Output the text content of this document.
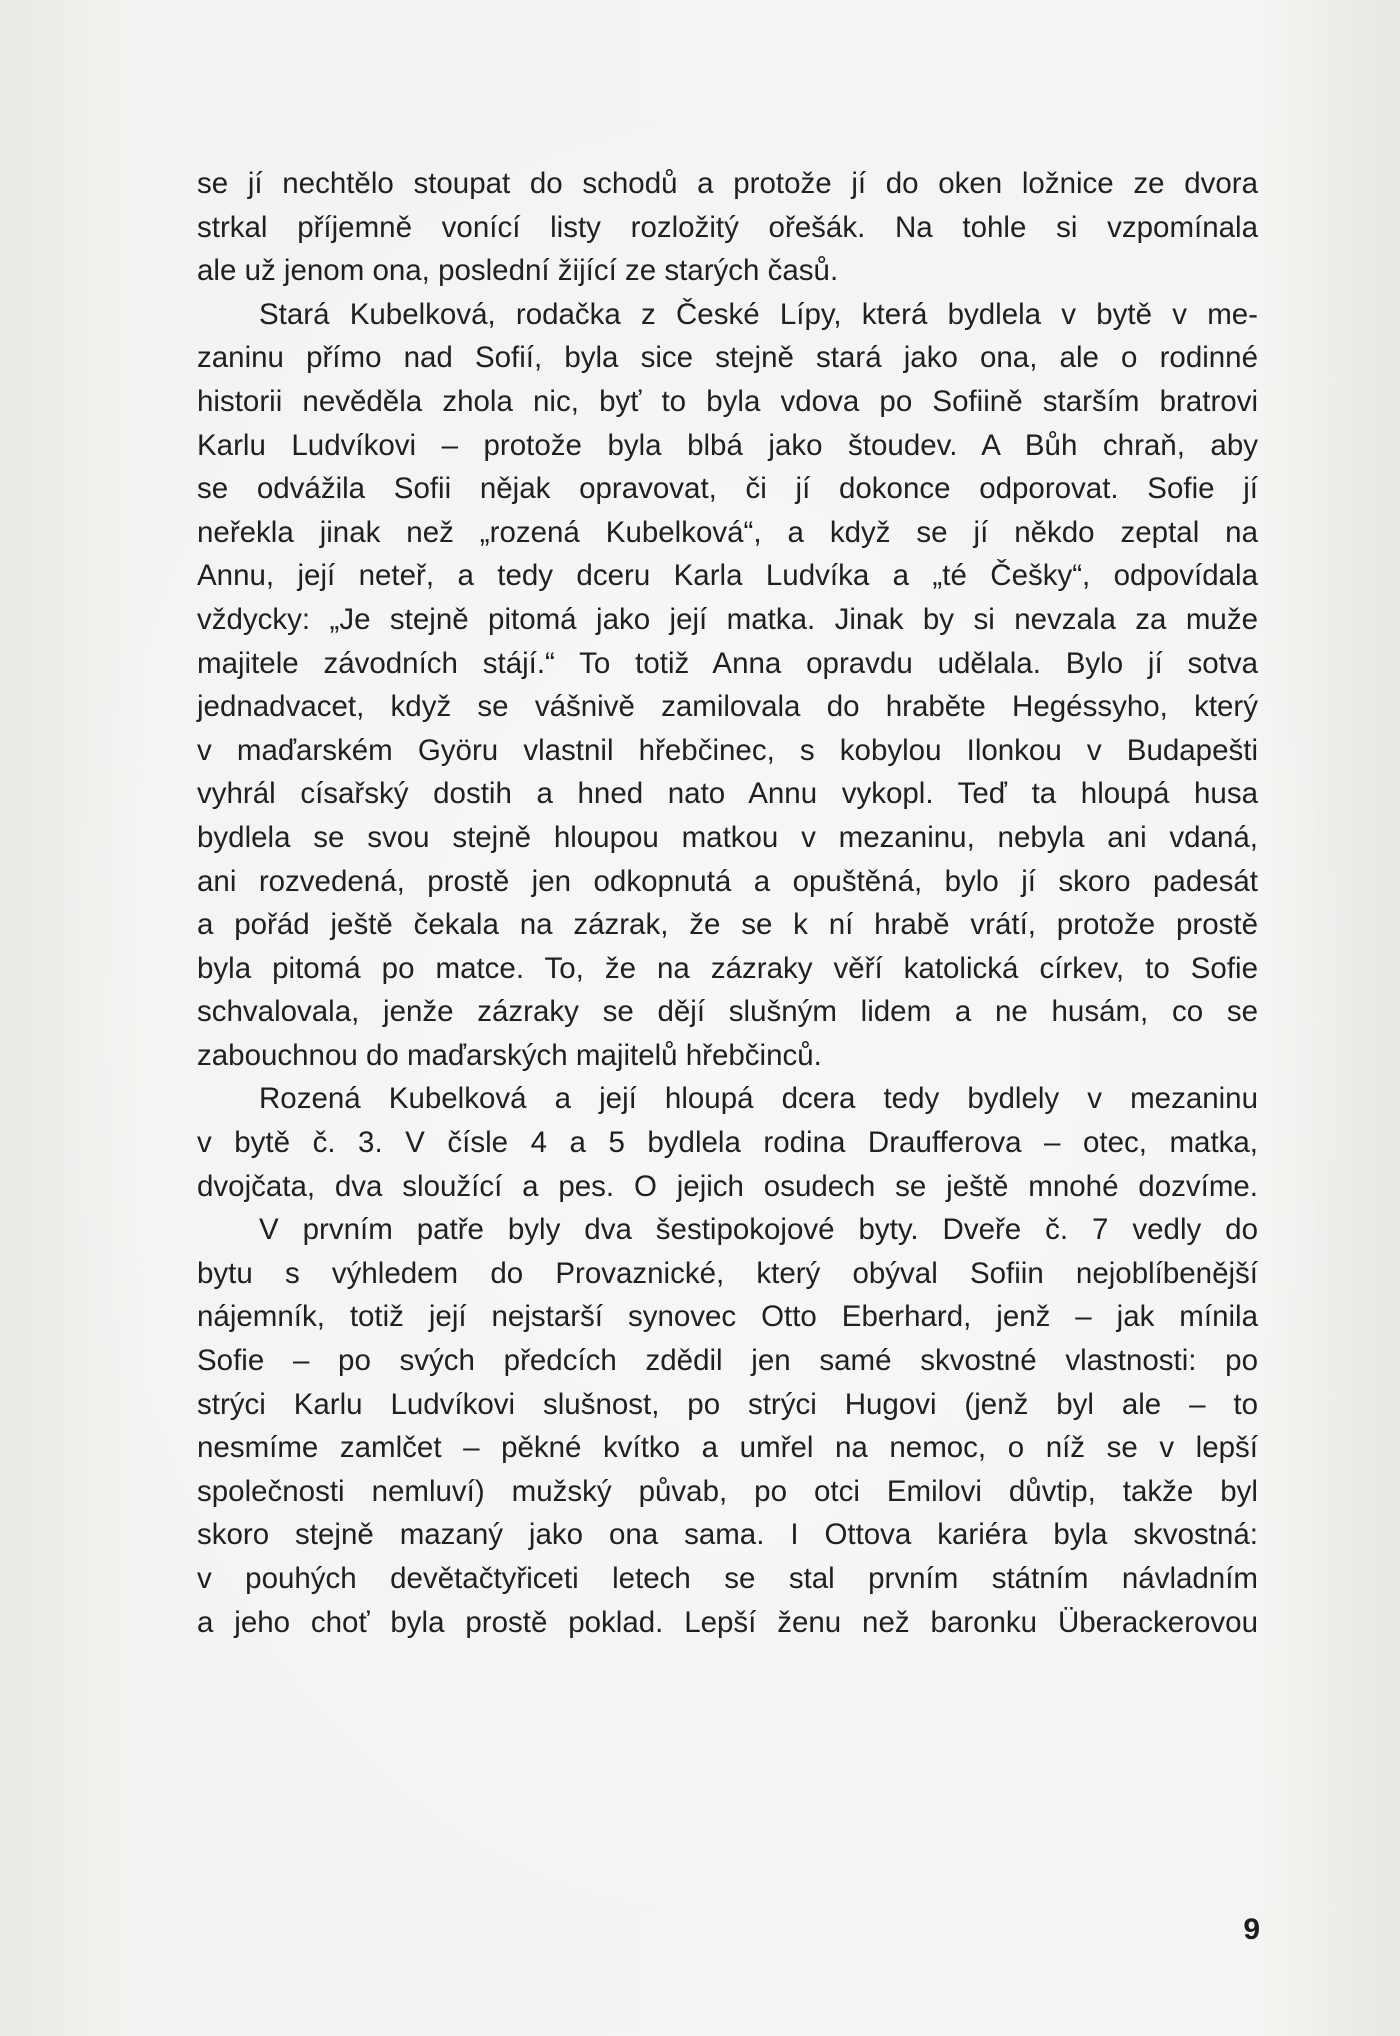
se jí nechtělo stoupat do schodů a protože jí do oken ložnice ze dvora
strkal příjemně vonící listy rozložitý ořešák. Na tohle si vzpomínala
ale už jenom ona, poslední žijící ze starých časů.
Stará Kubelková, rodačka z České Lípy, která bydlela v bytě v me-
zaninu přímo nad Sofií, byla sice stejně stará jako ona, ale o rodinné
historii nevěděla zhola nic, byť to byla vdova po Sofiině starším bratrovi
Karlu Ludvíkovi – protože byla blbá jako štoudev. A Bůh chraň, aby
se odvážila Sofii nějak opravovat, či jí dokonce odporovat. Sofie jí
neřekla jinak než „rozená Kubelková“, a když se jí někdo zeptal na
Annu, její neteř, a tedy dceru Karla Ludvíka a „té Češky“, odpovídala
vždycky: „Je stejně pitomá jako její matka. Jinak by si nevzala za muže
majitele závodních stájí.“ To totiž Anna opravdu udělala. Bylo jí sotva
jednadvacet, když se vášnivě zamilovala do hraběte Hegéssyho, který
v maďarském Györu vlastnil hřebčinec, s kobylou Ilonkou v Budapešti
vyhrál císařský dostih a hned nato Annu vykopl. Teď ta hloupá husa
bydlela se svou stejně hloupou matkou v mezaninu, nebyla ani vdaná,
ani rozvedená, prostě jen odkopnutá a opuštěná, bylo jí skoro padesát
a pořád ještě čekala na zázrak, že se k ní hrabě vrátí, protože prostě
byla pitomá po matce. To, že na zázraky věří katolická církev, to Sofie
schvalovala, jenže zázraky se dějí slušným lidem a ne husám, co se
zabouchnou do maďarských majitelů hřebčinců.
Rozená Kubelková a její hloupá dcera tedy bydlely v mezaninu
v bytě č. 3. V čísle 4 a 5 bydlela rodina Draufferova – otec, matka,
dvojčata, dva sloužící a pes. O jejich osudech se ještě mnohé dozvíme.
V prvním patře byly dva šestipokojové byty. Dveře č. 7 vedly do
bytu s výhledem do Provaznické, který obýval Sofiin nejoblíbenější
nájemník, totiž její nejstarší synovec Otto Eberhard, jenž – jak mínila
Sofie – po svých předcích zdědil jen samé skvostné vlastnosti: po
strýci Karlu Ludvíkovi slušnost, po strýci Hugovi (jenž byl ale – to
nesmíme zamlčet – pěkné kvítko a umřel na nemoc, o níž se v lepší
společnosti nemluví) mužský půvab, po otci Emilovi důvtip, takže byl
skoro stejně mazaný jako ona sama. I Ottova kariéra byla skvostná:
v pouhých devětačtyřiceti letech se stal prvním státním návladním
a jeho choť byla prostě poklad. Lepší ženu než baronku Überackerovou
9
